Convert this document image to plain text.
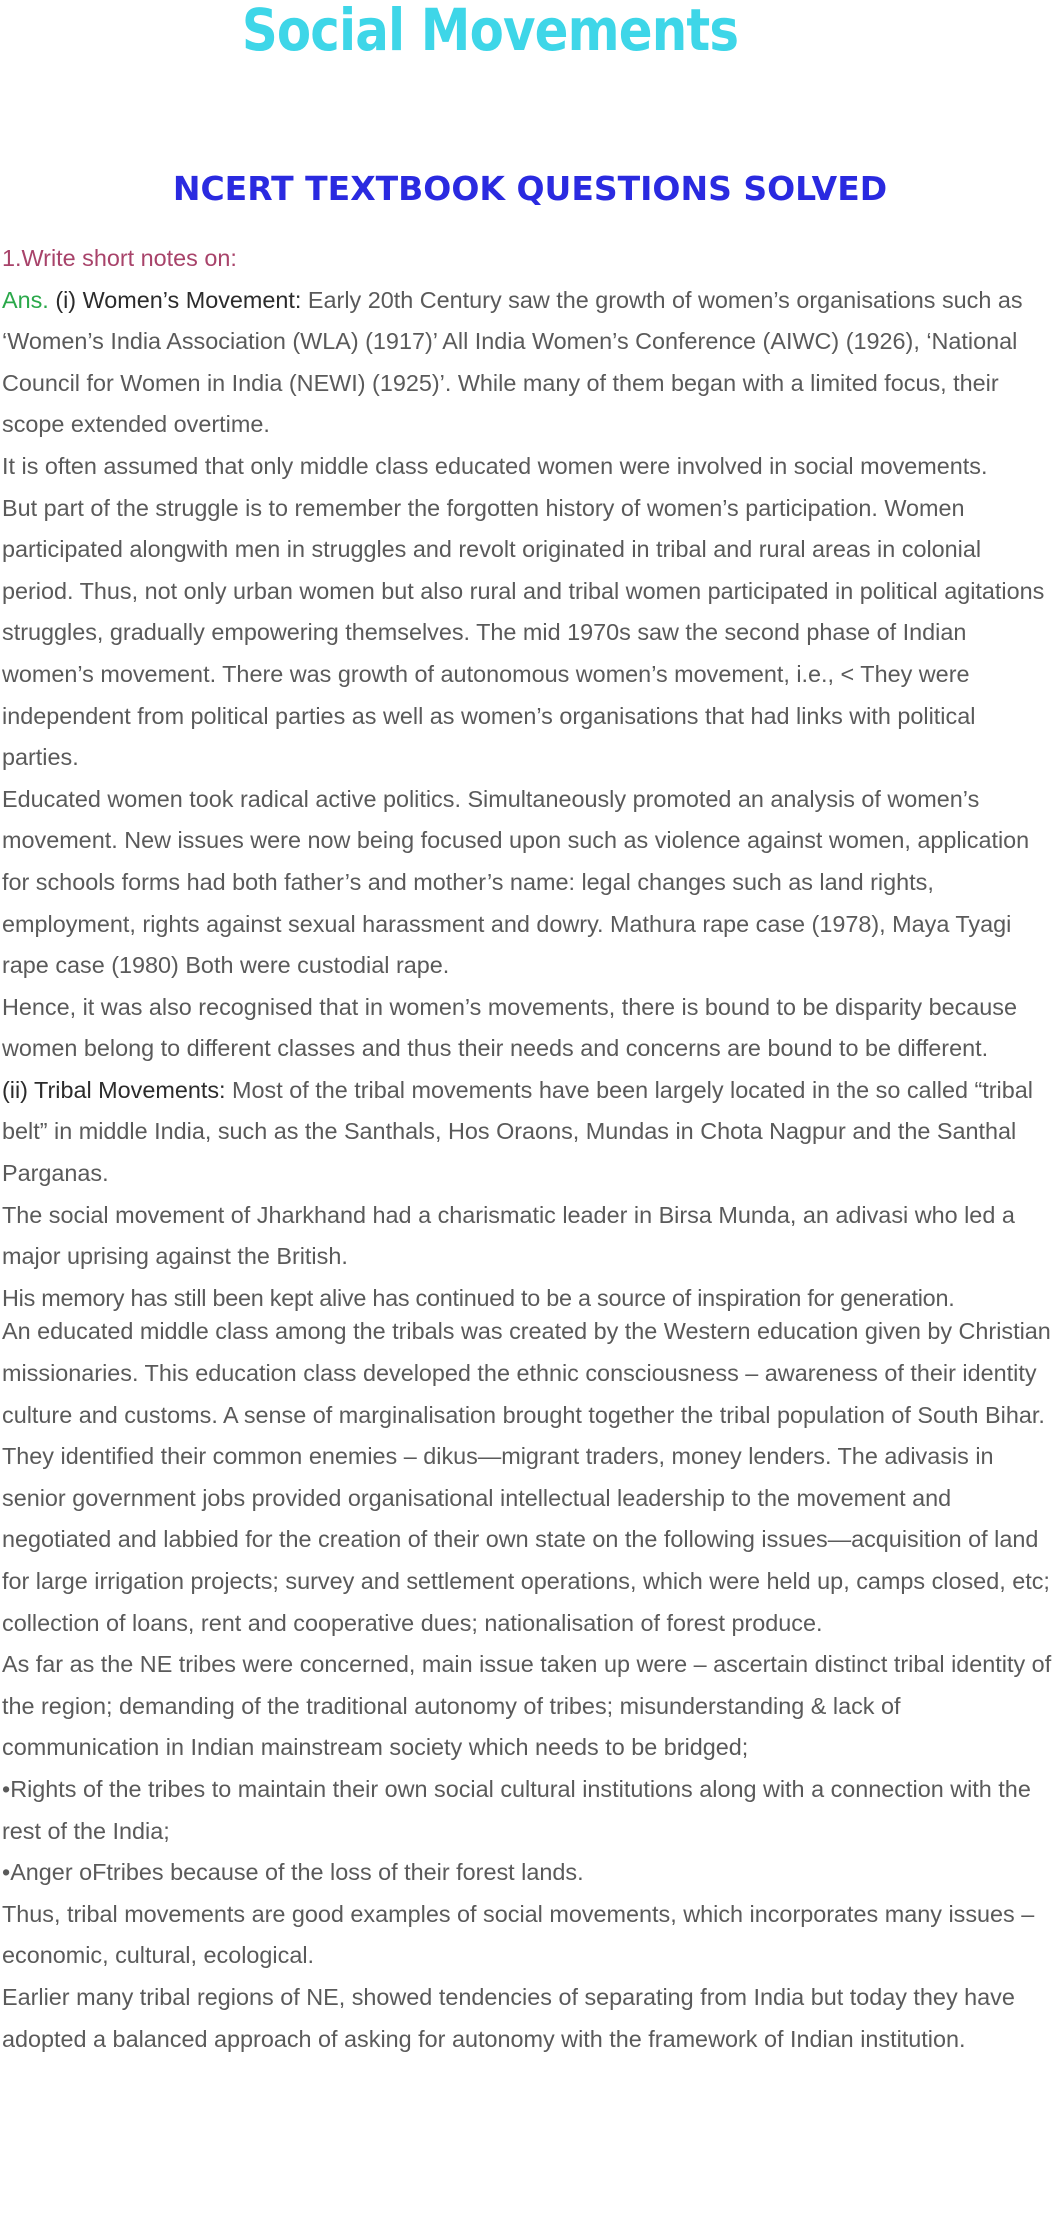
Social Movements
NCERT TEXTBOOK QUESTIONS SOLVED

1.Write short notes on:

Ans. (i) Women’s Movement: Early 20th Century saw the growth of women’s organisations such as ‘Women’s India Association (WLA) (1917)’ All India Women’s Conference (AIWC) (1926), ‘National Council for Women in India (NEWI) (1925)’. While many of them began with a limited focus, their scope extended overtime.

It is often assumed that only middle class educated women were involved in social movements.

But part of the struggle is to remember the forgotten history of women’s participation. Women participated alongwith men in struggles and revolt originated in tribal and rural areas in colonial period. Thus, not only urban women but also rural and tribal women participated in political agitations struggles, gradually empowering themselves. The mid 1970s saw the second phase of Indian women’s movement. There was growth of autonomous women’s movement, i.e., < They were independent from political parties as well as women’s organisations that had links with political parties.

Educated women took radical active politics. Simultaneously promoted an analysis of women’s movement. New issues were now being focused upon such as violence against women, application for schools forms had both father’s and mother’s name: legal changes such as land rights, employment, rights against sexual harassment and dowry. Mathura rape case (1978), Maya Tyagi rape case (1980) Both were custodial rape.

Hence, it was also recognised that in women’s movements, there is bound to be disparity because women belong to different classes and thus their needs and concerns are bound to be different.

(ii) Tribal Movements: Most of the tribal movements have been largely located in the so called “tribal belt” in middle India, such as the Santhals, Hos Oraons, Mundas in Chota Nagpur and the Santhal Parganas.

The social movement of Jharkhand had a charismatic leader in Birsa Munda, an adivasi who led a major uprising against the British.

His memory has still been kept alive has continued to be a source of inspiration for generation.

An educated middle class among the tribals was created by the Western education given by Christian missionaries. This education class developed the ethnic consciousness – awareness of their identity culture and customs. A sense of marginalisation brought together the tribal population of South Bihar. They identified their common enemies – dikus—migrant traders, money lenders. The adivasis in senior government jobs provided organisational intellectual leadership to the movement and negotiated and labbied for the creation of their own state on the following issues—acquisition of land for large irrigation projects; survey and settlement operations, which were held up, camps closed, etc; collection of loans, rent and cooperative dues; nationalisation of forest produce.

As far as the NE tribes were concerned, main issue taken up were – ascertain distinct tribal identity of the region; demanding of the traditional autonomy of tribes; misunderstanding & lack of communication in Indian mainstream society which needs to be bridged;

•Rights of the tribes to maintain their own social cultural institutions along with a connection with the rest of the India;

•Anger oFtribes because of the loss of their forest lands.

Thus, tribal movements are good examples of social movements, which incorporates many issues – economic, cultural, ecological.

Earlier many tribal regions of NE, showed tendencies of separating from India but today they have adopted a balanced approach of asking for autonomy with the framework of Indian institution.
